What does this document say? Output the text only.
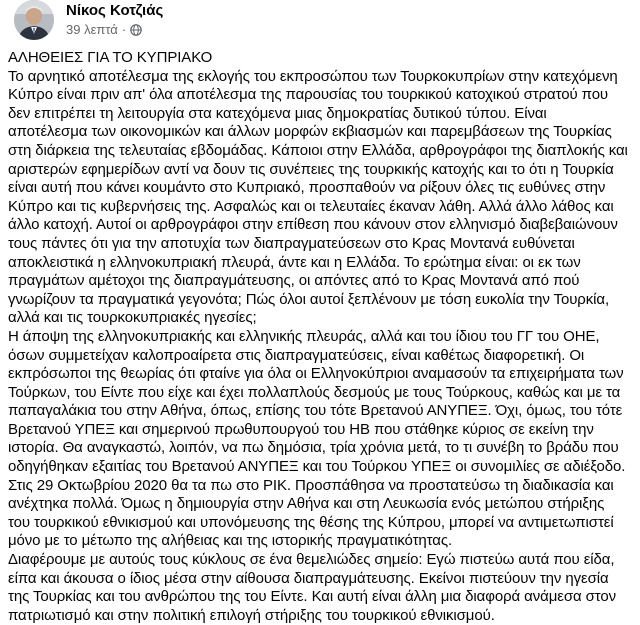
Νίκος Κοτζιάς
39 λεπτά ·

ΑΛΗΘΕΙΕΣ ΓΙΑ ΤΟ ΚΥΠΡΙΑΚΟ

Το αρνητικό αποτέλεσμα της εκλογής του εκπροσώπου των Τουρκοκυπρίων στην κατεχόμενη Κύπρο είναι πριν απ' όλα αποτέλεσμα της παρουσίας του τουρκικού κατοχικού στρατού που δεν επιτρέπει τη λειτουργία στα κατεχόμενα μιας δημοκρατίας δυτικού τύπου. Είναι αποτέλεσμα των οικονομικών και άλλων μορφών εκβιασμών και παρεμβάσεων της Τουρκίας στη διάρκεια της τελευταίας εβδομάδας. Κάποιοι στην Ελλάδα, αρθρογράφοι της διαπλοκής και αριστερών εφημερίδων αντί να δουν τις συνέπειες της τουρκικής κατοχής και το ότι η Τουρκία είναι αυτή που κάνει κουμάντο στο Κυπριακό, προσπαθούν να ρίξουν όλες τις ευθύνες στην Κύπρο και τις κυβερνήσεις της. Ασφαλώς και οι τελευταίες έκαναν λάθη. Αλλά άλλο λάθος και άλλο κατοχή. Αυτοί οι αρθρογράφοι στην επίθεση που κάνουν στον ελληνισμό διαβεβαιώνουν τους πάντες ότι για την αποτυχία των διαπραγματεύσεων στο Κρας Μοντανά ευθύνεται αποκλειστικά η ελληνοκυπριακή πλευρά, άντε και η Ελλάδα. Το ερώτημα είναι: οι εκ των πραγμάτων αμέτοχοι της διαπραγμάτευσης, οι απόντες από το Κρας Μοντανά από πού γνωρίζουν τα πραγματικά γεγονότα; Πώς όλοι αυτοί ξεπλένουν με τόση ευκολία την Τουρκία, αλλά και τις τουρκοκυπριακές ηγεσίες;

Η άποψη της ελληνοκυπριακής και ελληνικής πλευράς, αλλά και του ίδιου του ΓΓ του ΟΗΕ, όσων συμμετείχαν καλοπροαίρετα στις διαπραγματεύσεις, είναι καθέτως διαφορετική. Οι εκπρόσωποι της θεωρίας ότι φταίνε για όλα οι Ελληνοκύπριοι αναμασούν τα επιχειρήματα των Τούρκων, του Είντε που είχε και έχει πολλαπλούς δεσμούς με τους Τούρκους, καθώς και με τα παπαγαλάκια του στην Αθήνα, όπως, επίσης του τότε Βρετανού ΑΝΥΠΕΞ. Όχι, όμως, του τότε Βρετανού ΥΠΕΞ και σημερινού πρωθυπουργού του ΗΒ που στάθηκε κύριος σε εκείνη την ιστορία. Θα αναγκαστώ, λοιπόν, να πω δημόσια, τρία χρόνια μετά, το τι συνέβη το βράδυ που οδηγήθηκαν εξαιτίας του Βρετανού ΑΝΥΠΕΞ και του Τούρκου ΥΠΕΞ οι συνομιλίες σε αδιέξοδο. Στις 29 Οκτωβρίου 2020 θα τα πω στο ΡΙΚ. Προσπάθησα να προστατεύσω τη διαδικασία και ανέχτηκα πολλά. Όμως η δημιουργία στην Αθήνα και στη Λευκωσία ενός μετώπου στήριξης του τουρκικού εθνικισμού και υπονόμευσης της θέσης της Κύπρου, μπορεί να αντιμετωπιστεί μόνο με το μέτωπο της αλήθειας και της ιστορικής πραγματικότητας.

Διαφέρουμε με αυτούς τους κύκλους σε ένα θεμελιώδες σημείο: Εγώ πιστεύω αυτά που είδα, είπα και άκουσα ο ίδιος μέσα στην αίθουσα διαπραγμάτευσης. Εκείνοι πιστεύουν την ηγεσία της Τουρκίας και του ανθρώπου της του Είντε. Και αυτή είναι άλλη μια διαφορά ανάμεσα στον πατριωτισμό και στην πολιτική επιλογή στήριξης του τουρκικού εθνικισμού.
